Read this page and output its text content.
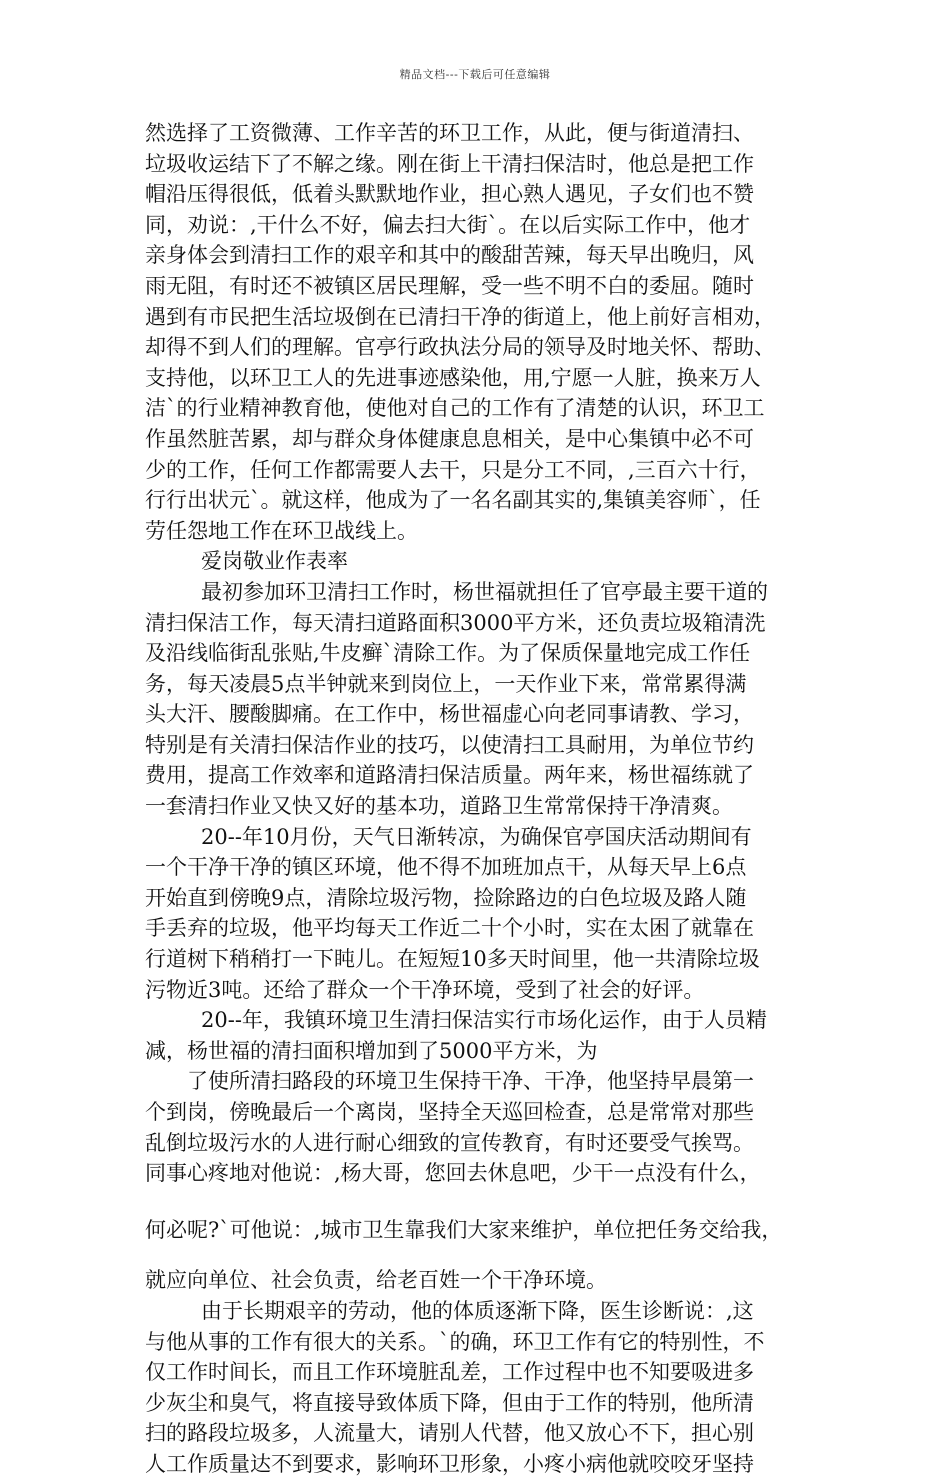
精品文档---下载后可任意编辑
然选择了工资微薄、工作辛苦的环卫工作，从此，便与街道清扫、
垃圾收运结下了不解之缘。刚在街上干清扫保洁时，他总是把工作
帽沿压得很低，低着头默默地作业，担心熟人遇见，子女们也不赞
同，劝说：,干什么不好，偏去扫大街`。在以后实际工作中，他才
亲身体会到清扫工作的艰辛和其中的酸甜苦辣，每天早出晚归，风
雨无阻，有时还不被镇区居民理解，受一些不明不白的委屈。随时
遇到有市民把生活垃圾倒在已清扫干净的街道上，他上前好言相劝，
却得不到人们的理解。官亭行政执法分局的领导及时地关怀、帮助、
支持他，以环卫工人的先进事迹感染他，用,宁愿一人脏，换来万人
洁`的行业精神教育他，使他对自己的工作有了清楚的认识，环卫工
作虽然脏苦累，却与群众身体健康息息相关，是中心集镇中必不可
少的工作，任何工作都需要人去干，只是分工不同，,三百六十行，
行行出状元`。就这样，他成为了一名名副其实的,集镇美容师`，任
劳任怨地工作在环卫战线上。
爱岗敬业作表率
最初参加环卫清扫工作时，杨世福就担任了官亭最主要干道的
清扫保洁工作，每天清扫道路面积3000平方米，还负责垃圾箱清洗
及沿线临街乱张贴,牛皮癣`清除工作。为了保质保量地完成工作任
务，每天凌晨5点半钟就来到岗位上，一天作业下来，常常累得满
头大汗、腰酸脚痛。在工作中，杨世福虚心向老同事请教、学习，
特别是有关清扫保洁作业的技巧，以使清扫工具耐用，为单位节约
费用，提高工作效率和道路清扫保洁质量。两年来，杨世福练就了
一套清扫作业又快又好的基本功，道路卫生常常保持干净清爽。
20--年10月份，天气日渐转凉，为确保官亭国庆活动期间有
一个干净干净的镇区环境，他不得不加班加点干，从每天早上6点
开始直到傍晚9点，清除垃圾污物，捡除路边的白色垃圾及路人随
手丢弃的垃圾，他平均每天工作近二十个小时，实在太困了就靠在
行道树下稍稍打一下盹儿。在短短10多天时间里，他一共清除垃圾
污物近3吨。还给了群众一个干净环境，受到了社会的好评。
20--年，我镇环境卫生清扫保洁实行市场化运作，由于人员精
减，杨世福的清扫面积增加到了5000平方米，为
了使所清扫路段的环境卫生保持干净、干净，他坚持早晨第一
个到岗，傍晚最后一个离岗，坚持全天巡回检查，总是常常对那些
乱倒垃圾污水的人进行耐心细致的宣传教育，有时还要受气挨骂。
同事心疼地对他说：,杨大哥，您回去休息吧，少干一点没有什么，
何必呢?`可他说：,城市卫生靠我们大家来维护，单位把任务交给我，
就应向单位、社会负责，给老百姓一个干净环境。
由于长期艰辛的劳动，他的体质逐渐下降，医生诊断说：,这
与他从事的工作有很大的关系。`的确，环卫工作有它的特别性，不
仅工作时间长，而且工作环境脏乱差，工作过程中也不知要吸进多
少灰尘和臭气，将直接导致体质下降，但由于工作的特别，他所清
扫的路段垃圾多，人流量大，请别人代替，他又放心不下，担心别
人工作质量达不到要求，影响环卫形象，小疼小病他就咬咬牙坚持
